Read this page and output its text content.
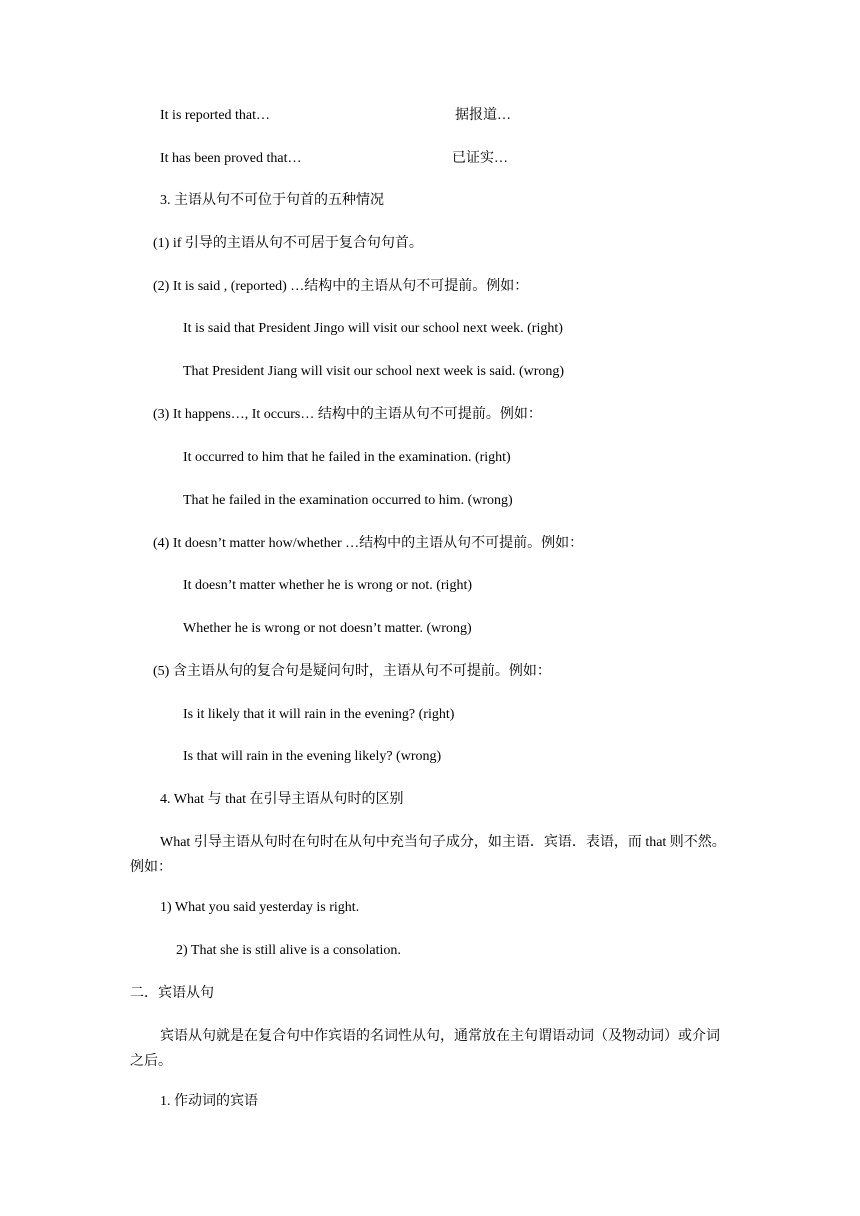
It is reported that…	据报道…
It has been proved that…	已证实…
3. 主语从句不可位于句首的五种情况
(1) if 引导的主语从句不可居于复合句句首。
(2) It is said , (reported) …结构中的主语从句不可提前。例如：
It is said that President Jingo will visit our school next week. (right)
That President Jiang will visit our school next week is said. (wrong)
(3) It happens…, It occurs… 结构中的主语从句不可提前。例如：
It occurred to him that he failed in the examination. (right)
That he failed in the examination occurred to him. (wrong)
(4) It doesn’t matter how/whether …结构中的主语从句不可提前。例如：
It doesn’t matter whether he is wrong or not. (right)
Whether he is wrong or not doesn’t matter. (wrong)
(5) 含主语从句的复合句是疑问句时，主语从句不可提前。例如：
Is it likely that it will rain in the evening? (right)
Is that will rain in the evening likely? (wrong)
4. What 与 that 在引导主语从句时的区别
What 引导主语从句时在句时在从句中充当句子成分，如主语．宾语．表语，而 that 则不然。例如：
1) What you said yesterday is right.
2) That she is still alive is a consolation.
二．宾语从句
宾语从句就是在复合句中作宾语的名词性从句，通常放在主句谓语动词（及物动词）或介词之后。
1. 作动词的宾语
